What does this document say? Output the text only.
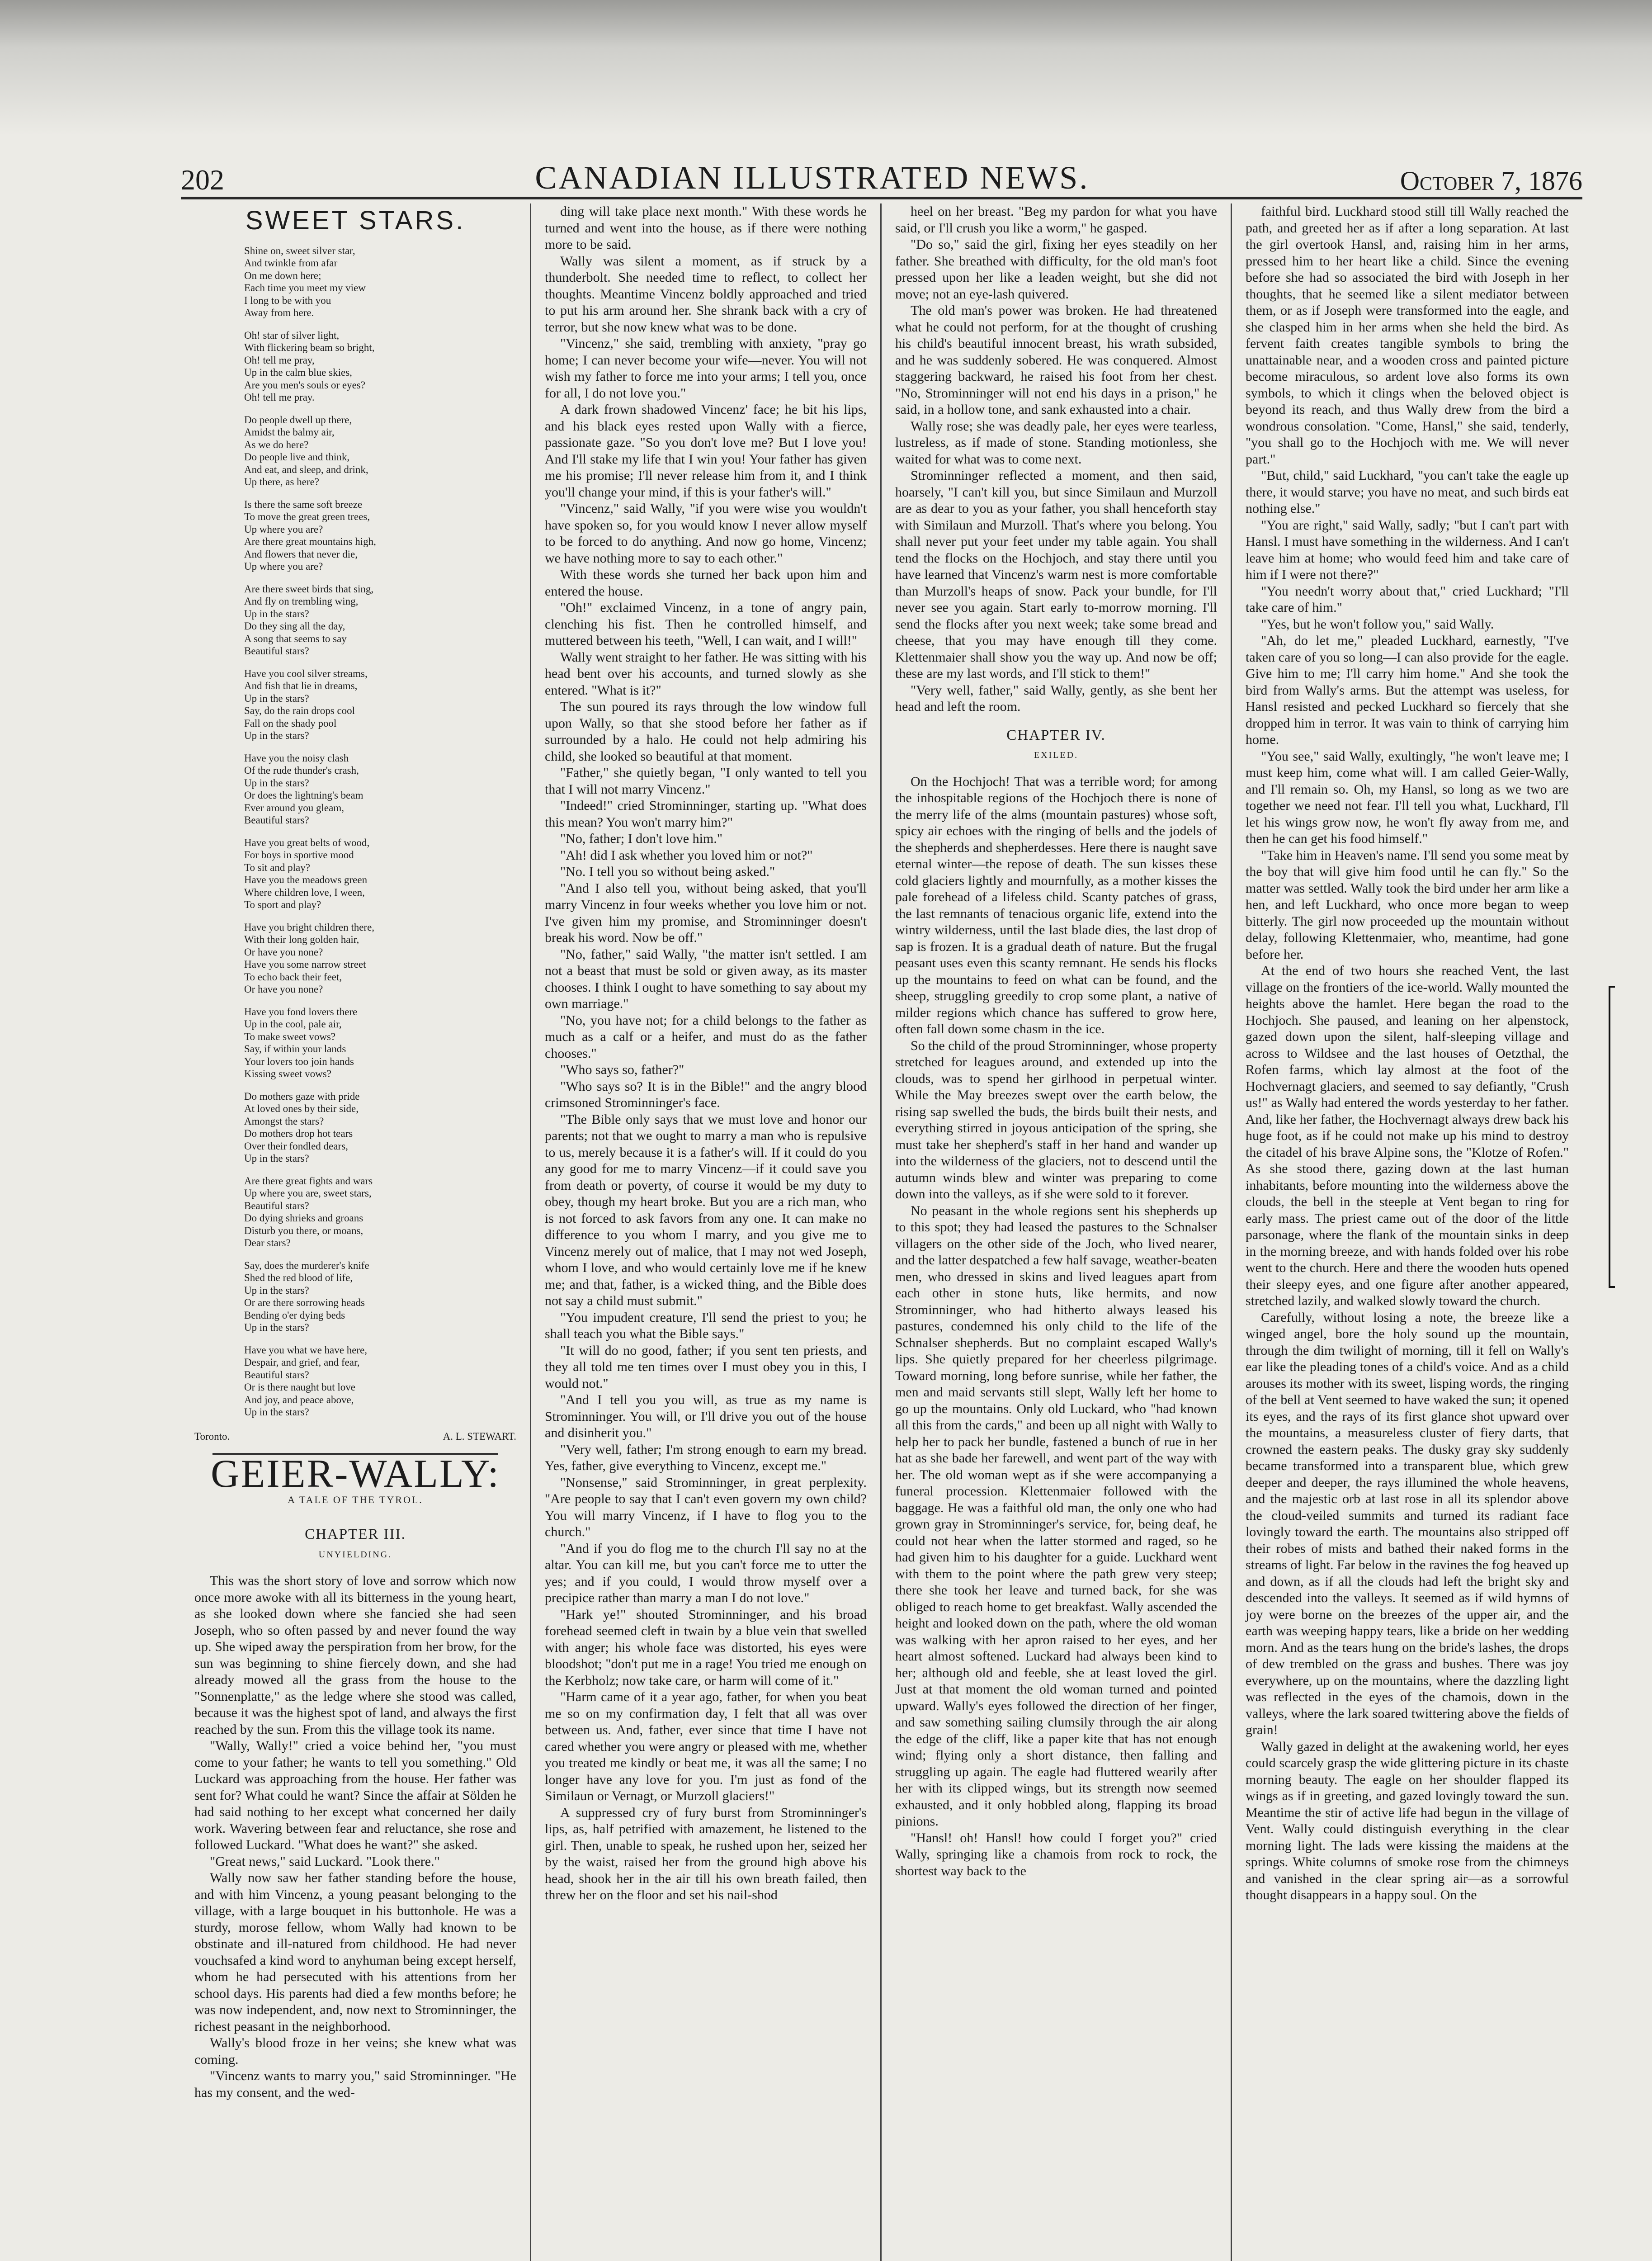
202	CANADIAN ILLUSTRATED NEWS.	October 7, 1876
SWEET STARS.
Shine on, sweet silver star,
And twinkle from afar
On me down here;
Each time you meet my view
I long to be with you
Away from here.
Oh! star of silver light,
With flickering beam so bright,
Oh! tell me pray,
Up in the calm blue skies,
Are you men's souls or eyes?
Oh! tell me pray.
Do people dwell up there,
Amidst the balmy air,
As we do here?
Do people live and think,
And eat, and sleep, and drink,
Up there, as here?
Is there the same soft breeze
To move the great green trees,
Up where you are?
Are there great mountains high,
And flowers that never die,
Up where you are?
Are there sweet birds that sing,
And fly on trembling wing,
Up in the stars?
Do they sing all the day,
A song that seems to say
Beautiful stars?
Have you cool silver streams,
And fish that lie in dreams,
Up in the stars?
Say, do the rain drops cool
Fall on the shady pool
Up in the stars?
Have you the noisy clash
Of the rude thunder's crash,
Up in the stars?
Or does the lightning's beam
Ever around you gleam,
Beautiful stars?
Have you great belts of wood,
For boys in sportive mood
To sit and play?
Have you the meadows green
Where children love, I ween,
To sport and play?
Have you bright children there,
With their long golden hair,
Or have you none?
Have you some narrow street
To echo back their feet,
Or have you none?
Have you fond lovers there
Up in the cool, pale air,
To make sweet vows?
Say, if within your lands
Your lovers too join hands
Kissing sweet vows?
Do mothers gaze with pride
At loved ones by their side,
Amongst the stars?
Do mothers drop hot tears
Over their fondled dears,
Up in the stars?
Are there great fights and wars
Up where you are, sweet stars,
Beautiful stars?
Do dying shrieks and groans
Disturb you there, or moans,
Dear stars?
Say, does the murderer's knife
Shed the red blood of life,
Up in the stars?
Or are there sorrowing heads
Bending o'er dying beds
Up in the stars?
Have you what we have here,
Despair, and grief, and fear,
Beautiful stars?
Or is there naught but love
And joy, and peace above,
Up in the stars?
Toronto.	A. L. STEWART.
GEIER-WALLY:
A TALE OF THE TYROL.
CHAPTER III.
UNYIELDING.

This was the short story of love and sorrow which now once more awoke with all its bitterness in the young heart, as she looked down where she fancied she had seen Joseph, who so often passed by and never found the way up. She wiped away the perspiration from her brow, for the sun was beginning to shine fiercely down, and she had already mowed all the grass from the house to the "Sonnenplatte," as the ledge where she stood was called, because it was the highest spot of land, and always the first reached by the sun. From this the village took its name.

"Wally, Wally!" cried a voice behind her, "you must come to your father; he wants to tell you something." Old Luckard was approaching from the house. Her father was sent for? What could he want? Since the affair at Sölden he had said nothing to her except what concerned her daily work. Wavering between fear and reluctance, she rose and followed Luckard. "What does he want?" she asked.

"Great news," said Luckard. "Look there."

Wally now saw her father standing before the house, and with him Vincenz, a young peasant belonging to the village, with a large bouquet in his buttonhole. He was a sturdy, morose fellow, whom Wally had known to be obstinate and ill-natured from childhood. He had never vouchsafed a kind word to anyhuman being except herself, whom he had persecuted with his attentions from her school days. His parents had died a few months before; he was now independent, and, now next to Strominninger, the richest peasant in the neighborhood.

Wally's blood froze in her veins; she knew what was coming.

"Vincenz wants to marry you," said Strominninger. "He has my consent, and the wed-

ding will take place next month." With these words he turned and went into the house, as if there were nothing more to be said.

Wally was silent a moment, as if struck by a thunderbolt. She needed time to reflect, to collect her thoughts. Meantime Vincenz boldly approached and tried to put his arm around her. She shrank back with a cry of terror, but she now knew what was to be done.

"Vincenz," she said, trembling with anxiety, "pray go home; I can never become your wife—never. You will not wish my father to force me into your arms; I tell you, once for all, I do not love you."

A dark frown shadowed Vincenz' face; he bit his lips, and his black eyes rested upon Wally with a fierce, passionate gaze. "So you don't love me? But I love you! And I'll stake my life that I win you! Your father has given me his promise; I'll never release him from it, and I think you'll change your mind, if this is your father's will."

"Vincenz," said Wally, "if you were wise you wouldn't have spoken so, for you would know I never allow myself to be forced to do anything. And now go home, Vincenz; we have nothing more to say to each other."

With these words she turned her back upon him and entered the house.

"Oh!" exclaimed Vincenz, in a tone of angry pain, clenching his fist. Then he controlled himself, and muttered between his teeth, "Well, I can wait, and I will!"

Wally went straight to her father. He was sitting with his head bent over his accounts, and turned slowly as she entered. "What is it?"

The sun poured its rays through the low window full upon Wally, so that she stood before her father as if surrounded by a halo. He could not help admiring his child, she looked so beautiful at that moment.

"Father," she quietly began, "I only wanted to tell you that I will not marry Vincenz."

"Indeed!" cried Strominninger, starting up. "What does this mean? You won't marry him?"

"No, father; I don't love him."

"Ah! did I ask whether you loved him or not?"

"No. I tell you so without being asked."

"And I also tell you, without being asked, that you'll marry Vincenz in four weeks whether you love him or not. I've given him my promise, and Strominninger doesn't break his word. Now be off."

"No, father," said Wally, "the matter isn't settled. I am not a beast that must be sold or given away, as its master chooses. I think I ought to have something to say about my own marriage."

"No, you have not; for a child belongs to the father as much as a calf or a heifer, and must do as the father chooses."

"Who says so, father?"

"Who says so? It is in the Bible!" and the angry blood crimsoned Strominninger's face.

"The Bible only says that we must love and honor our parents; not that we ought to marry a man who is repulsive to us, merely because it is a father's will. If it could do you any good for me to marry Vincenz—if it could save you from death or poverty, of course it would be my duty to obey, though my heart broke. But you are a rich man, who is not forced to ask favors from any one. It can make no difference to you whom I marry, and you give me to Vincenz merely out of malice, that I may not wed Joseph, whom I love, and who would certainly love me if he knew me; and that, father, is a wicked thing, and the Bible does not say a child must submit."

"You impudent creature, I'll send the priest to you; he shall teach you what the Bible says."

"It will do no good, father; if you sent ten priests, and they all told me ten times over I must obey you in this, I would not."

"And I tell you you will, as true as my name is Strominninger. You will, or I'll drive you out of the house and disinherit you."

"Very well, father; I'm strong enough to earn my bread. Yes, father, give everything to Vincenz, except me."

"Nonsense," said Strominninger, in great perplexity. "Are people to say that I can't even govern my own child? You will marry Vincenz, if I have to flog you to the church."

"And if you do flog me to the church I'll say no at the altar. You can kill me, but you can't force me to utter the yes; and if you could, I would throw myself over a precipice rather than marry a man I do not love."

"Hark ye!" shouted Strominninger, and his broad forehead seemed cleft in twain by a blue vein that swelled with anger; his whole face was distorted, his eyes were bloodshot; "don't put me in a rage! You tried me enough on the Kerbholz; now take care, or harm will come of it."

"Harm came of it a year ago, father, for when you beat me so on my confirmation day, I felt that all was over between us. And, father, ever since that time I have not cared whether you were angry or pleased with me, whether you treated me kindly or beat me, it was all the same; I no longer have any love for you. I'm just as fond of the Similaun or Vernagt, or Murzoll glaciers!"

A suppressed cry of fury burst from Strominninger's lips, as, half petrified with amazement, he listened to the girl. Then, unable to speak, he rushed upon her, seized her by the waist, raised her from the ground high above his head, shook her in the air till his own breath failed, then threw her on the floor and set his nail-shod

heel on her breast. "Beg my pardon for what you have said, or I'll crush you like a worm," he gasped.

"Do so," said the girl, fixing her eyes steadily on her father. She breathed with difficulty, for the old man's foot pressed upon her like a leaden weight, but she did not move; not an eye-lash quivered.

The old man's power was broken. He had threatened what he could not perform, for at the thought of crushing his child's beautiful innocent breast, his wrath subsided, and he was suddenly sobered. He was conquered. Almost staggering backward, he raised his foot from her chest. "No, Strominninger will not end his days in a prison," he said, in a hollow tone, and sank exhausted into a chair.

Wally rose; she was deadly pale, her eyes were tearless, lustreless, as if made of stone. Standing motionless, she waited for what was to come next.

Strominninger reflected a moment, and then said, hoarsely, "I can't kill you, but since Similaun and Murzoll are as dear to you as your father, you shall henceforth stay with Similaun and Murzoll. That's where you belong. You shall never put your feet under my table again. You shall tend the flocks on the Hochjoch, and stay there until you have learned that Vincenz's warm nest is more comfortable than Murzoll's heaps of snow. Pack your bundle, for I'll never see you again. Start early to-morrow morning. I'll send the flocks after you next week; take some bread and cheese, that you may have enough till they come. Klettenmaier shall show you the way up. And now be off; these are my last words, and I'll stick to them!"

"Very well, father," said Wally, gently, as she bent her head and left the room.

CHAPTER IV.
EXILED.

On the Hochjoch! That was a terrible word; for among the inhospitable regions of the Hochjoch there is none of the merry life of the alms (mountain pastures) whose soft, spicy air echoes with the ringing of bells and the jodels of the shepherds and shepherdesses. Here there is naught save eternal winter—the repose of death. The sun kisses these cold glaciers lightly and mournfully, as a mother kisses the pale forehead of a lifeless child. Scanty patches of grass, the last remnants of tenacious organic life, extend into the wintry wilderness, until the last blade dies, the last drop of sap is frozen. It is a gradual death of nature. But the frugal peasant uses even this scanty remnant. He sends his flocks up the mountains to feed on what can be found, and the sheep, struggling greedily to crop some plant, a native of milder regions which chance has suffered to grow here, often fall down some chasm in the ice.

So the child of the proud Strominninger, whose property stretched for leagues around, and extended up into the clouds, was to spend her girlhood in perpetual winter. While the May breezes swept over the earth below, the rising sap swelled the buds, the birds built their nests, and everything stirred in joyous anticipation of the spring, she must take her shepherd's staff in her hand and wander up into the wilderness of the glaciers, not to descend until the autumn winds blew and winter was preparing to come down into the valleys, as if she were sold to it forever.

No peasant in the whole regions sent his shepherds up to this spot; they had leased the pastures to the Schnalser villagers on the other side of the Joch, who lived nearer, and the latter despatched a few half savage, weather-beaten men, who dressed in skins and lived leagues apart from each other in stone huts, like hermits, and now Strominninger, who had hitherto always leased his pastures, condemned his only child to the life of the Schnalser shepherds. But no complaint escaped Wally's lips. She quietly prepared for her cheerless pilgrimage. Toward morning, long before sunrise, while her father, the men and maid servants still slept, Wally left her home to go up the mountains. Only old Luckard, who "had known all this from the cards," and been up all night with Wally to help her to pack her bundle, fastened a bunch of rue in her hat as she bade her farewell, and went part of the way with her. The old woman wept as if she were accompanying a funeral procession. Klettenmaier followed with the baggage. He was a faithful old man, the only one who had grown gray in Strominninger's service, for, being deaf, he could not hear when the latter stormed and raged, so he had given him to his daughter for a guide. Luckhard went with them to the point where the path grew very steep; there she took her leave and turned back, for she was obliged to reach home to get breakfast. Wally ascended the height and looked down on the path, where the old woman was walking with her apron raised to her eyes, and her heart almost softened. Luckard had always been kind to her; although old and feeble, she at least loved the girl. Just at that moment the old woman turned and pointed upward. Wally's eyes followed the direction of her finger, and saw something sailing clumsily through the air along the edge of the cliff, like a paper kite that has not enough wind; flying only a short distance, then falling and struggling up again. The eagle had fluttered wearily after her with its clipped wings, but its strength now seemed exhausted, and it only hobbled along, flapping its broad pinions.

"Hansl! oh! Hansl! how could I forget you?" cried Wally, springing like a chamois from rock to rock, the shortest way back to the

faithful bird. Luckhard stood still till Wally reached the path, and greeted her as if after a long separation. At last the girl overtook Hansl, and, raising him in her arms, pressed him to her heart like a child. Since the evening before she had so associated the bird with Joseph in her thoughts, that he seemed like a silent mediator between them, or as if Joseph were transformed into the eagle, and she clasped him in her arms when she held the bird. As fervent faith creates tangible symbols to bring the unattainable near, and a wooden cross and painted picture become miraculous, so ardent love also forms its own symbols, to which it clings when the beloved object is beyond its reach, and thus Wally drew from the bird a wondrous consolation. "Come, Hansl," she said, tenderly, "you shall go to the Hochjoch with me. We will never part."

"But, child," said Luckhard, "you can't take the eagle up there, it would starve; you have no meat, and such birds eat nothing else."

"You are right," said Wally, sadly; "but I can't part with Hansl. I must have something in the wilderness. And I can't leave him at home; who would feed him and take care of him if I were not there?"

"You needn't worry about that," cried Luckhard; "I'll take care of him."

"Yes, but he won't follow you," said Wally.

"Ah, do let me," pleaded Luckhard, earnestly, "I've taken care of you so long—I can also provide for the eagle. Give him to me; I'll carry him home." And she took the bird from Wally's arms. But the attempt was useless, for Hansl resisted and pecked Luckhard so fiercely that she dropped him in terror. It was vain to think of carrying him home.

"You see," said Wally, exultingly, "he won't leave me; I must keep him, come what will. I am called Geier-Wally, and I'll remain so. Oh, my Hansl, so long as we two are together we need not fear. I'll tell you what, Luckhard, I'll let his wings grow now, he won't fly away from me, and then he can get his food himself."

"Take him in Heaven's name. I'll send you some meat by the boy that will give him food until he can fly." So the matter was settled. Wally took the bird under her arm like a hen, and left Luckhard, who once more began to weep bitterly. The girl now proceeded up the mountain without delay, following Klettenmaier, who, meantime, had gone before her.

At the end of two hours she reached Vent, the last village on the frontiers of the ice-world. Wally mounted the heights above the hamlet. Here began the road to the Hochjoch. She paused, and leaning on her alpenstock, gazed down upon the silent, half-sleeping village and across to Wildsee and the last houses of Oetzthal, the Rofen farms, which lay almost at the foot of the Hochvernagt glaciers, and seemed to say defiantly, "Crush us!" as Wally had entered the words yesterday to her father. And, like her father, the Hochvernagt always drew back his huge foot, as if he could not make up his mind to destroy the citadel of his brave Alpine sons, the "Klotze of Rofen." As she stood there, gazing down at the last human inhabitants, before mounting into the wilderness above the clouds, the bell in the steeple at Vent began to ring for early mass. The priest came out of the door of the little parsonage, where the flank of the mountain sinks in deep in the morning breeze, and with hands folded over his robe went to the church. Here and there the wooden huts opened their sleepy eyes, and one figure after another appeared, stretched lazily, and walked slowly toward the church.

Carefully, without losing a note, the breeze like a winged angel, bore the holy sound up the mountain, through the dim twilight of morning, till it fell on Wally's ear like the pleading tones of a child's voice. And as a child arouses its mother with its sweet, lisping words, the ringing of the bell at Vent seemed to have waked the sun; it opened its eyes, and the rays of its first glance shot upward over the mountains, a measureless cluster of fiery darts, that crowned the eastern peaks. The dusky gray sky suddenly became transformed into a transparent blue, which grew deeper and deeper, the rays illumined the whole heavens, and the majestic orb at last rose in all its splendor above the cloud-veiled summits and turned its radiant face lovingly toward the earth. The mountains also stripped off their robes of mists and bathed their naked forms in the streams of light. Far below in the ravines the fog heaved up and down, as if all the clouds had left the bright sky and descended into the valleys. It seemed as if wild hymns of joy were borne on the breezes of the upper air, and the earth was weeping happy tears, like a bride on her wedding morn. And as the tears hung on the bride's lashes, the drops of dew trembled on the grass and bushes. There was joy everywhere, up on the mountains, where the dazzling light was reflected in the eyes of the chamois, down in the valleys, where the lark soared twittering above the fields of grain!

Wally gazed in delight at the awakening world, her eyes could scarcely grasp the wide glittering picture in its chaste morning beauty. The eagle on her shoulder flapped its wings as if in greeting, and gazed lovingly toward the sun. Meantime the stir of active life had begun in the village of Vent. Wally could distinguish everything in the clear morning light. The lads were kissing the maidens at the springs. White columns of smoke rose from the chimneys and vanished in the clear spring air—as a sorrowful thought disappears in a happy soul. On the
